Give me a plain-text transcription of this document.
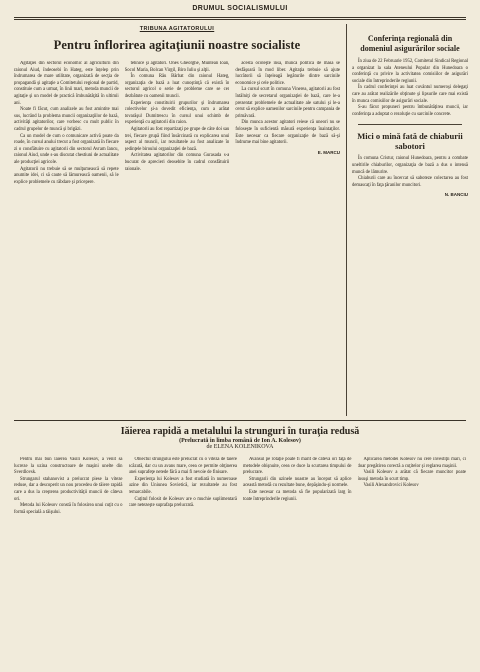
DRUMUL SOCIALISMULUI
TRIBUNA AGITATORULUI
Pentru înflorirea agitaţiunii noastre socialiste

Agitaţiei din sectorul economic al agriculturii din raionul Aiud, îndeosebi în Hateg, este înțelep prin îndrumarea de mare utilitate, organizată de secţia de propagandă şi agitaţie a Comitetului regional de partid, constituie cum a urmat, în linii mari, metoda muncii de agitaţie şi un model de practică îmbunătăţită în ultimii ani.

Noate fi făcut, cum analizele au fost amintite mai sus, lucrând la problema muncii organizaţiilor de bază, activităţi agitatorilor, care vorbesc cu mult public în cadrul grupelor de muncă şi brigăzi.

Ca un model de cum o comunicare activă poate da roade, în cursul anului trecut a fost organizată în fiecare zi o consfătuire cu agitatorii din sectorul Avram Iancu, raionul Aiud, unde s-au discutat chestiuni de actualitate ale producţiei agricole.

Agitatorii nu trebuie să se mulţumească să repete anumite idei, ci să caute să lămurească oamenii, să le explice problemele cu răbdare şi pricepere.

tehnice şi agitatori. Ones Gheorghe, Muntean Ioan, Socol Maria, Bolcan Virgil, Biro Iuliu şi alţii.

În comuna Râu Bărbat din raionul Hateg, organizaţia de bază a luat cunoştinţă că există în sectorul agricol o serie de probleme care se cer dezbătute cu oamenii muncii.

Experienţa constituirii grupurilor şi îndrumarea colectivelor şi-a dovedit eficienţa, cum a arătat tovarăşul Dumitrescu în cursul unui schimb de experienţă cu agitatorii din raion.

Agitatorii au fost repartizaţi pe grupe de câte doi sau trei, fiecare grupă fiind însărcinată cu explicarea unui aspect al muncii, iar rezultatele au fost analizate în şedinţele biroului organizaţiei de bază.

Activitatea agitatorilor din comuna Gurasada s-a bucurat de aprecieri deosebite în cadrul consfătuirii raionale.

acesta ocoleşte însă, munca politică de masă se desfăşoară în mod liber. Agitaţia trebuie să ajute lucrătorii să înţeleagă legăturile dintre sarcinile economice şi cele politice.

La cursul scurt în comuna Vinerea, agitatorii au fost întâlniţi de secretarul organizaţiei de bază, care le-a prezentat problemele de actualitate ale satului şi le-a cerut să explice oamenilor sarcinile pentru campania de primăvară.

Din munca acestor agitatori reiese că uneori nu se foloseşte în suficientă măsură experienţa înaintaţilor. Este necesar ca fiecare organizaţie de bază să-şi îndrume mai bine agitatorii.

E. MARCU
Conferinţa regională din domeniul asigurărilor sociale

În ziua de 22 Februarie 1952, Comitetul Sindical Regional a organizat la sala Ateneului Popular din Hunedoara o conferinţă cu privire la activitatea comisiilor de asigurări sociale din întreprinderile regiunii.

În cadrul conferinţei au luat cuvântul numeroşi delegaţi care au arătat realizările obţinute şi lipsurile care mai există în munca comisiilor de asigurări sociale.

S-au făcut propuneri pentru îmbunătăţirea muncii, iar conferinţa a adoptat o rezoluţie cu sarcinile concrete.

Mici o mină fată de chiaburii sabotori

În comuna Cristur, raionul Hunedoara, pentru a combate uneltirile chiaburilor, organizaţia de bază a dus o intensă muncă de lămurire.

Chiaburii care au încercat să saboteze colectarea au fost demascaţi în faţa ţăranilor muncitori.

N. BANCIU
Iăierea rapidă a metalului la strunguri în turaţia redusă
(Prelucrată in limba română de Ion A. Kolesov)
de ELENA KOLENIKOVA

Pentru mai bun lăierea Vasili Kolesov, a venit să lucreze la uzina constructoare de maşini unelte din Sverdlovsk.

Strungarul stahanovist a prelucrat piese la viteze reduse, dar a descoperit un nou procedeu de tăiere rapidă care a dus la creşterea productivităţii muncii de câteva ori.

Metoda lui Kolesov constă în folosirea unui cuţit cu o formă specială a tăişului.

Obiectul strungului este prelucrat cu o viteză de tăiere scăzută, dar cu un avans mare, ceea ce permite obţinerea unei suprafeţe netede fără a mai fi nevoie de finisare.

Experienţa lui Kolesov a fost studiată în numeroase uzine din Uniunea Sovietică, iar rezultatele au fost remarcabile.

Cuţitul folosit de Kolesov are o muchie suplimentară care netezeşte suprafaţa prelucrată.

Avansul pe rotaţie poate fi mărit de câteva ori faţă de metodele obişnuite, ceea ce duce la scurtarea timpului de prelucrare.

Strungarii din uzinele noastre au început să aplice această metodă cu rezultate bune, depăşindu-şi normele.

Este necesar ca metoda să fie popularizată larg în toate întreprinderile regiunii.

Aplicarea metodei Kolesov nu cere investiţii mari, ci doar pregătirea corectă a cuţitelor şi reglarea maşinii.

Vasili Kolesov a arătat că fiecare muncitor poate însuşi metoda în scurt timp.

Vasili Alexandrovici Kolesov
